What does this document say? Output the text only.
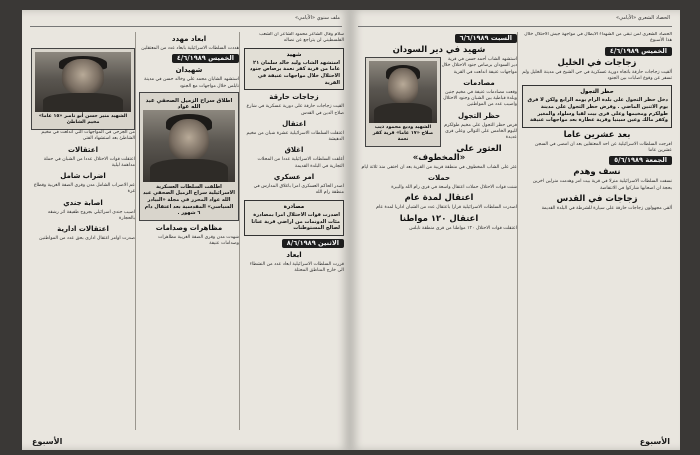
ملف سنوي «الأيامي»

سلام وقال الشاعر محمود الشاعر ان الشعب الفلسطيني لن يتراجع عن نضاله

شهيد
استشهد الشاب وليد خالد سلمان ٢١ عاما من قرية كفر نعمة برصاص جنود الاحتلال خلال مواجهات عنيفة في القرية
زجاجات حارقة

القيت زجاجات حارقة على دورية عسكرية في شارع صلاح الدين في القدس

اعتقال

اعتقلت السلطات الاسرائيلية عشرة شبان من مخيم الدهيشة

اغلاق

أغلقت السلطات الاسرائيلية عددا من المحلات التجارية في البلدة القديمة

امر عسكري

اصدر الحاكم العسكري امرا باغلاق المدارس في منطقة رام الله

مصادرة
اصدرت قوات الاحتلال امرا بمصادرة مئات الدونمات من اراضي قرية عناتا لصالح المستوطنات
الاثنين ٨/٦/١٩٨٩
ابعاد

قررت السلطات الاسرائيلية ابعاد عدد من النشطاء الى خارج المناطق المحتلة

ابعاد مهدد

هددت السلطات الاسرائيلية بابعاد عدد من المعتقلين

الخميس ٤/٦/١٩٨٩
شهيدان

استشهد الشابان محمد علي وخالد حسن في مدينة نابلس خلال مواجهات مع الجنود

اطلاق سراح الزميل الصحفي عبد الله عواد
اطلقت السلطات العسكرية الاسرائيلية سراح الزميل الصحفي عبد الله عواد المحرر في مجلة «البيادر السياسي» المقدسية بعد اعتقال دام ٦ شهور .
مظاهرات وصدامات

شهدت مدن وقرى الضفة الغربية مظاهرات وصدامات عنيفة

الشهيد منير حسن أبو ناصر «١٥ عاما» مخيم الشاطئ

من الجرحى في المواجهات التي اندلعت في مخيم الشاطئ بعد استشهاد الفتى

اعتقالات

اعتقلت قوات الاحتلال عددا من الشبان في حملة مداهمة ليلية

اضراب شامل

عم الاضراب الشامل مدن وقرى الضفة الغربية وقطاع غزة

اصابة جندي

اصيب جندي اسرائيلي بجروح طفيفة اثر رشقه بالحجارة

اعتقالات ادارية

صدرت اوامر اعتقال اداري بحق عدد من المواطنين

الأسبوع
الحصاد الشعري «الأيامي»

الحصاد الشعري لمن تبقى من الشهداء الأبطال في مواجهة جيش الاحتلال خلال هذا الأسبوع

الخميس ٤/٦/١٩٨٩
زجاجات في الخليل

ألقيت زجاجات حارقة باتجاه دورية عسكرية في حي الشيخ في مدينة الخليل ولم تسفر عن وقوع اصابات بين الجنود

حظر التجول
دخل حظر التجول على بلدة الرام يومه الرابع ولكن لا فرق يوم الاثنين الماضي . وفرض حظر التجول على مدينة طولكرم ومخيمها وعلى قرى بيت لقيا وسلواد والمغير وكفر مالك وعين سينيا وقرية عطارة بعد مواجهات عنيفة
بعد عشرين عاما

افرجت السلطات الاسرائيلية عن احد المعتقلين بعد ان امضى في السجن عشرين عاما

الجمعة ٥/٦/١٩٨٩
نسف وهدم

نسفت السلطات الاسرائيلية منزلا في قرية بيت امر وهدمت منزلين اخرين بحجة ان اصحابها شاركوا في الانتفاضة

زجاجات في القدس

ألقى مجهولون زجاجات حارقة على سيارة للشرطة في البلدة القديمة

السبت ٦/٦/١٩٨٩
شهيد في دير السودان
الشهيد وديع محمود ذيب صلاح «١٧ عاما» قرية كفر نعمة

استشهد الشاب أحمد حسن في قرية دير السودان برصاص جنود الاحتلال خلال مواجهات عنيفة اندلعت في القرية

مصادمات

وقعت مصادمات عنيفة في مخيم جنين وبلدة قباطية بين الشبان وجنود الاحتلال واصيب عدد من المواطنين

حظر التجول

فرض حظر التجول على مخيم طولكرم لليوم الخامس على التوالي وعلى قرى عديدة

العثور على «المخطوف»

عثر على الشاب المخطوف في منطقة قريبة من القرية بعد ان اختفى منذ ثلاثة ايام

حملات

شنت قوات الاحتلال حملات اعتقال واسعة في قرى رام الله والبيرة

اعتقال لمدة عام

اصدرت السلطات الاسرائيلية قرارا باعتقال عدد من الشبان اداريا لمدة عام

اعتقال ١٢٠ مواطنا

اعتقلت قوات الاحتلال ١٢٠ مواطنا من قرى منطقة نابلس

الأسبوع
